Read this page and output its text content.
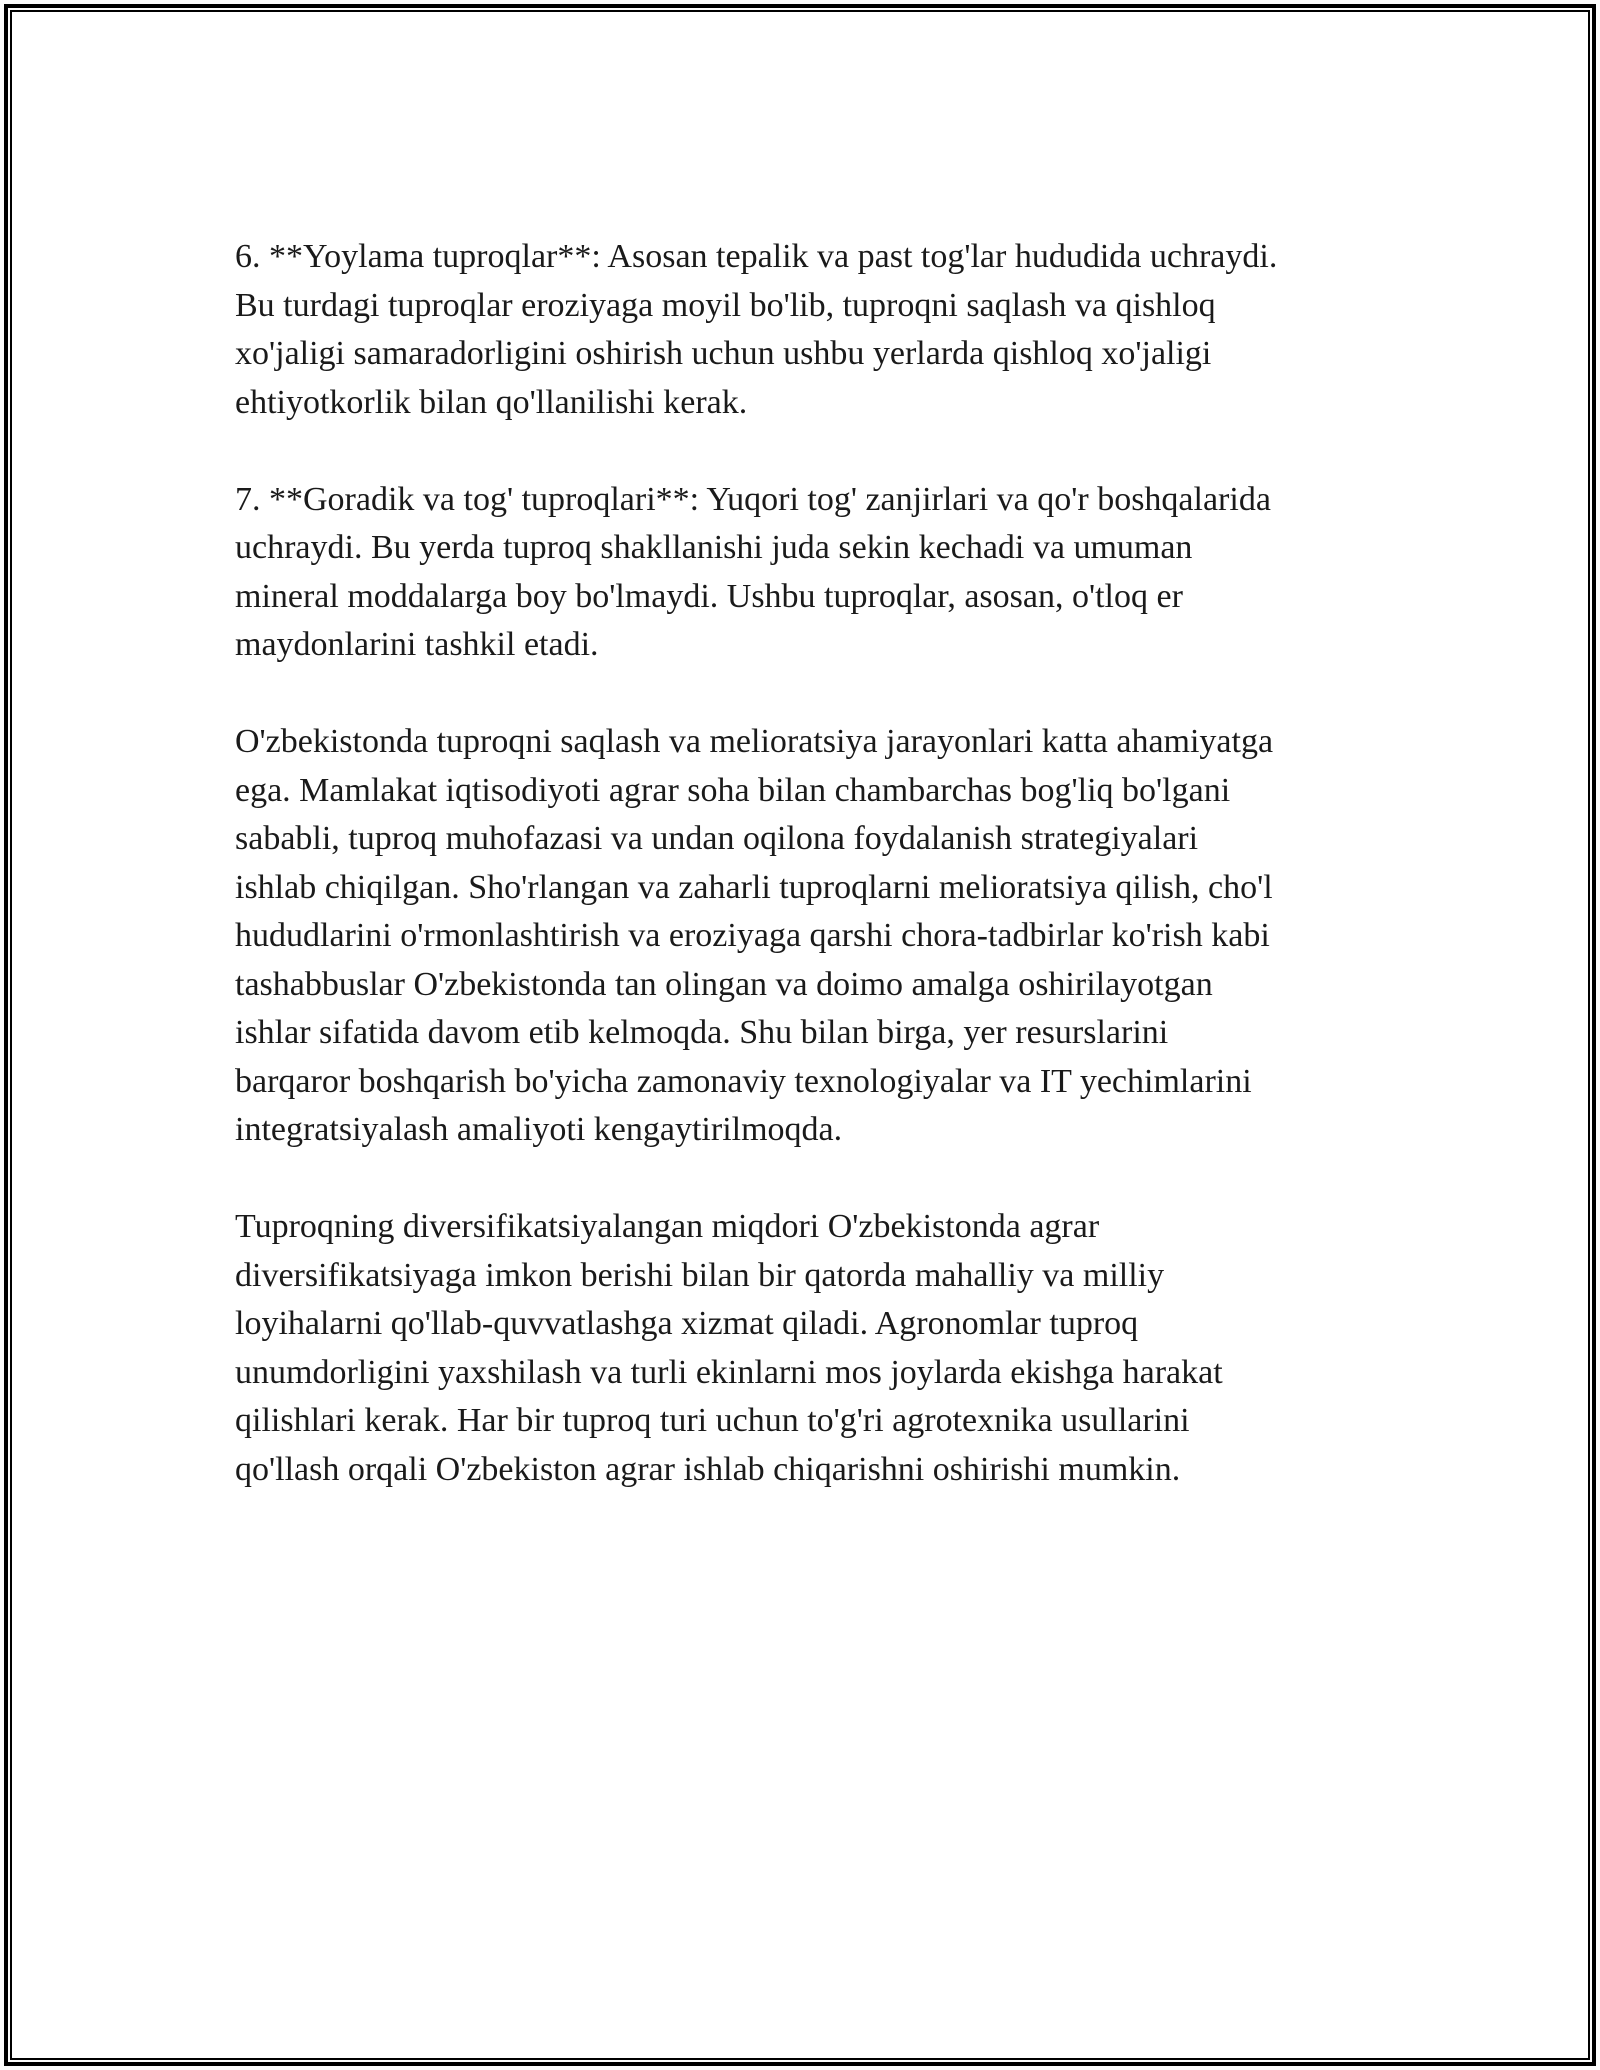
6. **Yoylama tuproqlar**: Asosan tepalik va past tog'lar hududida uchraydi.
Bu turdagi tuproqlar eroziyaga moyil bo'lib, tuproqni saqlash va qishloq
xo'jaligi samaradorligini oshirish uchun ushbu yerlarda qishloq xo'jaligi
ehtiyotkorlik bilan qo'llanilishi kerak.

7. **Goradik va tog' tuproqlari**: Yuqori tog' zanjirlari va qo'r boshqalarida
uchraydi. Bu yerda tuproq shakllanishi juda sekin kechadi va umuman
mineral moddalarga boy bo'lmaydi. Ushbu tuproqlar, asosan, o'tloq er
maydonlarini tashkil etadi.

O'zbekistonda tuproqni saqlash va melioratsiya jarayonlari katta ahamiyatga
ega. Mamlakat iqtisodiyoti agrar soha bilan chambarchas bog'liq bo'lgani
sababli, tuproq muhofazasi va undan oqilona foydalanish strategiyalari
ishlab chiqilgan. Sho'rlangan va zaharli tuproqlarni melioratsiya qilish, cho'l
hududlarini o'rmonlashtirish va eroziyaga qarshi chora-tadbirlar ko'rish kabi
tashabbuslar O'zbekistonda tan olingan va doimo amalga oshirilayotgan
ishlar sifatida davom etib kelmoqda. Shu bilan birga, yer resurslarini
barqaror boshqarish bo'yicha zamonaviy texnologiyalar va IT yechimlarini
integratsiyalash amaliyoti kengaytirilmoqda.

Tuproqning diversifikatsiyalangan miqdori O'zbekistonda agrar
diversifikatsiyaga imkon berishi bilan bir qatorda mahalliy va milliy
loyihalarni qo'llab-quvvatlashga xizmat qiladi. Agronomlar tuproq
unumdorligini yaxshilash va turli ekinlarni mos joylarda ekishga harakat
qilishlari kerak. Har bir tuproq turi uchun to'g'ri agrotexnika usullarini
qo'llash orqali O'zbekiston agrar ishlab chiqarishni oshirishi mumkin.
